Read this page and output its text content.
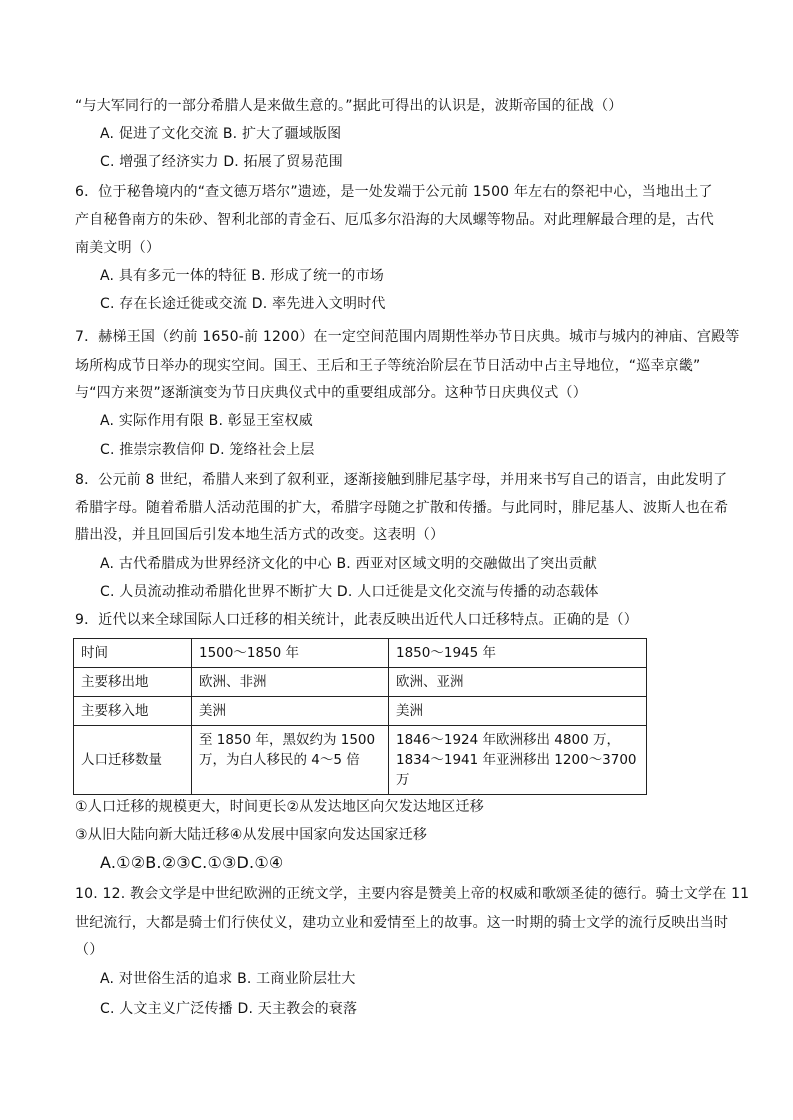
“与大军同行的一部分希腊人是来做生意的。”据此可得出的认识是，波斯帝国的征战（）
A. 促进了文化交流 B. 扩大了疆域版图
C. 增强了经济实力 D. 拓展了贸易范围
6．位于秘鲁境内的“查文德万塔尔”遗迹，是一处发端于公元前 1500 年左右的祭祀中心，当地出土了
产自秘鲁南方的朱砂、智利北部的青金石、厄瓜多尔沿海的大凤螺等物品。对此理解最合理的是，古代
南美文明（）
A. 具有多元一体的特征 B. 形成了统一的市场
C. 存在长途迁徙或交流 D. 率先进入文明时代
7．赫梯王国（约前 1650-前 1200）在一定空间范围内周期性举办节日庆典。城市与城内的神庙、宫殿等
场所构成节日举办的现实空间。国王、王后和王子等统治阶层在节日活动中占主导地位，“巡幸京畿”
与“四方来贺”逐渐演变为节日庆典仪式中的重要组成部分。这种节日庆典仪式（）
A. 实际作用有限 B. 彰显王室权威
C. 推崇宗教信仰 D. 笼络社会上层
8．公元前 8 世纪，希腊人来到了叙利亚，逐渐接触到腓尼基字母，并用来书写自己的语言，由此发明了
希腊字母。随着希腊人活动范围的扩大，希腊字母随之扩散和传播。与此同时，腓尼基人、波斯人也在希
腊出没，并且回国后引发本地生活方式的改变。这表明（）
A. 古代希腊成为世界经济文化的中心 B. 西亚对区域文明的交融做出了突出贡献
C. 人员流动推动希腊化世界不断扩大 D. 人口迁徙是文化交流与传播的动态载体
9．近代以来全球国际人口迁移的相关统计，此表反映出近代人口迁移特点。正确的是（）
时间	1500～1850 年	1850～1945 年
主要移出地	欧洲、非洲	欧洲、亚洲
主要移入地	美洲	美洲
人口迁移数量	至 1850 年，黑奴约为 1500 万，为白人移民的 4～5 倍	1846～1924 年欧洲移出 4800 万，1834～1941 年亚洲移出 1200～3700 万
①人口迁移的规模更大，时间更长②从发达地区向欠发达地区迁移
③从旧大陆向新大陆迁移④从发展中国家向发达国家迁移
A.①②B.②③C.①③D.①④
10. 12. 教会文学是中世纪欧洲的正统文学，主要内容是赞美上帝的权威和歌颂圣徒的德行。骑士文学在 11
世纪流行，大都是骑士们行侠仗义，建功立业和爱情至上的故事。这一时期的骑士文学的流行反映出当时
（）
A. 对世俗生活的追求 B. 工商业阶层壮大
C. 人文主义广泛传播 D. 天主教会的衰落
